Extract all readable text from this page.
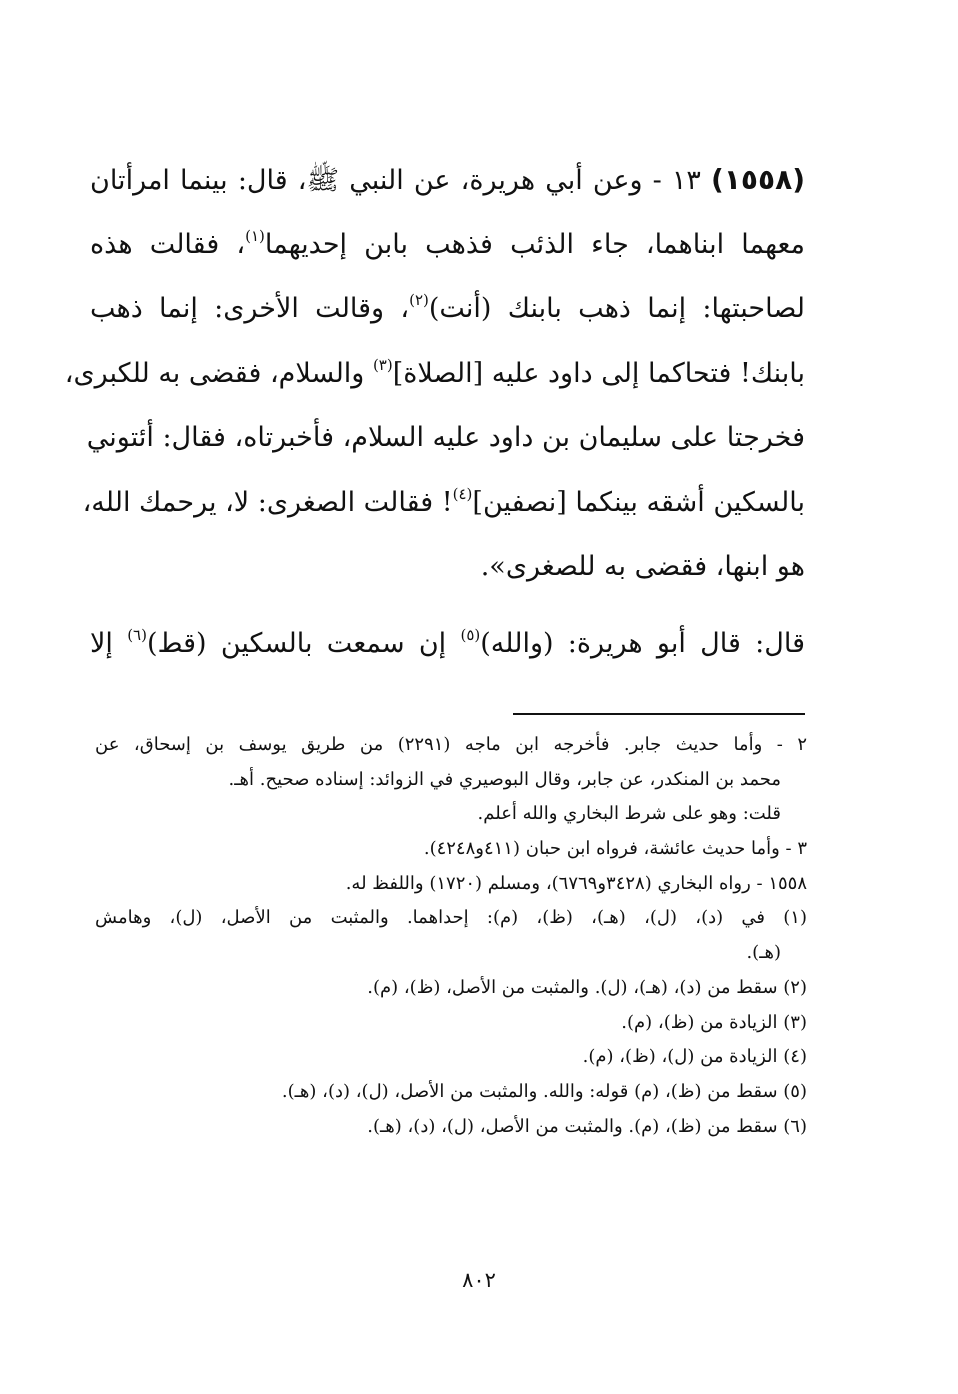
(١٥٥٨) ١٣ - وعن أبي هريرة، عن النبي ﷺ، قال: بينما امرأتان
معهما ابناهما، جاء الذئب فذهب بابن إحديهما$^{(١)}$، فقالت هذه
لصاحبتها: إنما ذهب بابنك (أنت)$^{(٢)}$، وقالت الأخرى: إنما ذهب
بابنك! فتحاكما إلى داود عليه [الصلاة]$^{(٣)}$ والسلام، فقضى به للكبرى،
فخرجتا على سليمان بن داود عليه السلام، فأخبرتاه، فقال: أئتوني
بالسكين أشقه بينكما [نصفين]$^{(٤)}$! فقالت الصغرى: لا، يرحمك الله،
هو ابنها، فقضى به للصغرى».
قال: قال أبو هريرة: (والله)$^{(٥)}$ إن سمعت بالسكين (قط)$^{(٦)}$ إلا
٢ - وأما حديث جابر. فأخرجه ابن ماجه (٢٢٩١) من طريق يوسف بن إسحاق، عن
محمد بن المنكدر، عن جابر، وقال البوصيري في الزوائد: إسناده صحيح. أهـ.
قلت: وهو على شرط البخاري والله أعلم.
٣ - وأما حديث عائشة، فرواه ابن حبان (٤١١و٤٢٤٨).
١٥٥٨ - رواه البخاري (٣٤٢٨و٦٧٦٩)، ومسلم (١٧٢٠) واللفظ له.
(١) في (د)، (ل)، (هـ)، (ظ)، (م): إحداهما. والمثبت من الأصل، (ل)، وهامش
(هـ).
(٢) سقط من (د)، (هـ)، (ل). والمثبت من الأصل، (ظ)، (م).
(٣) الزيادة من (ظ)، (م).
(٤) الزيادة من (ل)، (ظ)، (م).
(٥) سقط من (ظ)، (م) قوله: والله. والمثبت من الأصل، (ل)، (د)، (هـ).
(٦) سقط من (ظ)، (م). والمثبت من الأصل، (ل)، (د)، (هـ).
٨٠٢
